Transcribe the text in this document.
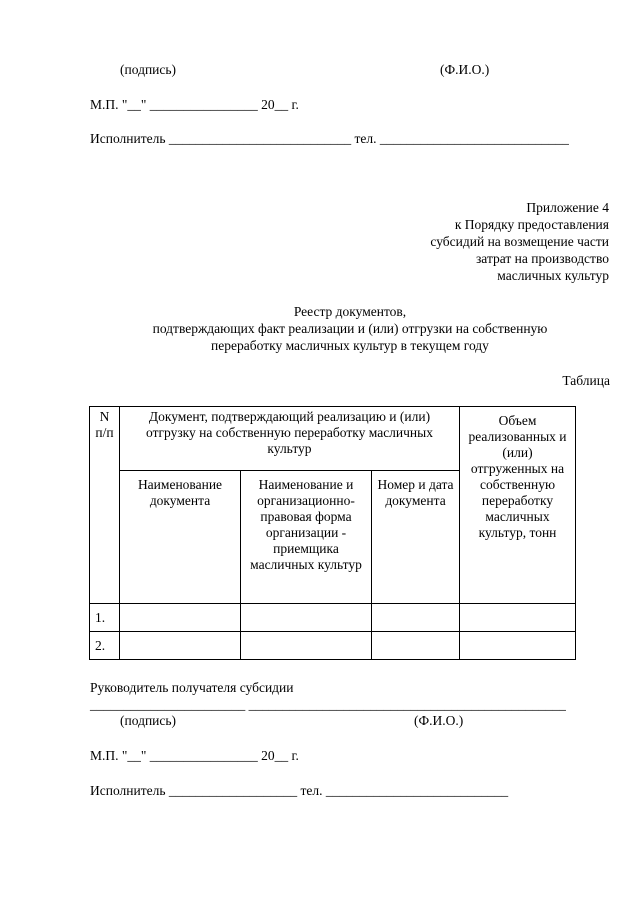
(подпись)	(Ф.И.О.)
М.П. "__" ________________ 20__ г.
Исполнитель ___________________________ тел. ____________________________
Приложение 4
к Порядку предоставления
субсидий на возмещение части
затрат на производство
масличных культур
Реестр документов,
подтверждающих факт реализации и (или) отгрузки на собственную
переработку масличных культур в текущем году
Таблица
N п/п	Документ, подтверждающий реализацию и (или) отгрузку на собственную переработку масличных культур			Объем реализованных и (или) отгруженных на собственную переработку масличных культур, тонн
	Наименование документа	Наименование и организационно-правовая форма организации - приемщика масличных культур	Номер и дата документа	
1.				
2.				
Руководитель получателя субсидии
_______________________ _______________________________________________
(подпись)	(Ф.И.О.)
М.П. "__" ________________ 20__ г.
Исполнитель ___________________ тел. ___________________________
